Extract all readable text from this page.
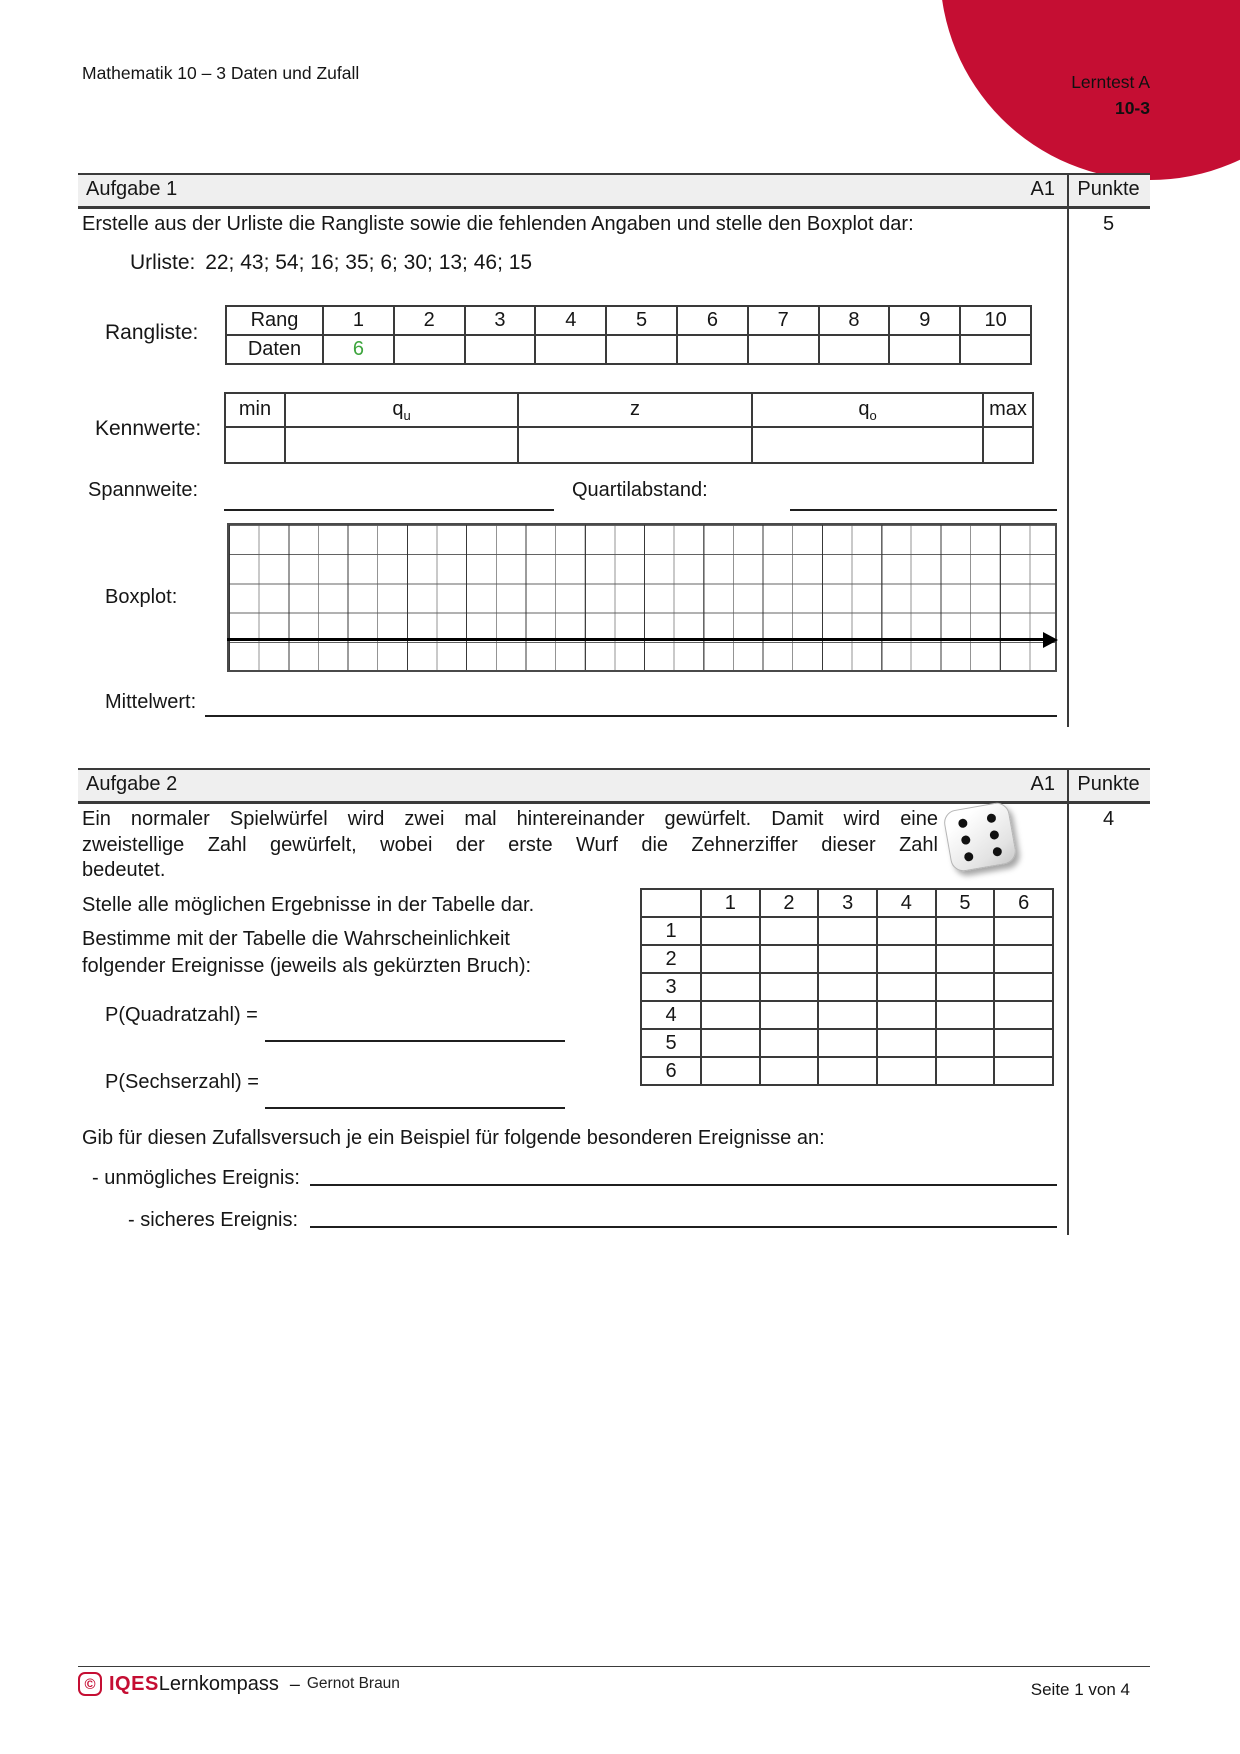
Lerntest A
10-3
Mathematik 10 – 3 Daten und Zufall
Aufgabe 1	A1	Punkte
5
Erstelle aus der Urliste die Rangliste sowie die fehlenden Angaben und stelle den Boxplot dar:
Urliste: 22; 43; 54; 16; 35; 6; 30; 13; 46; 15
Rangliste:
Rang	1	2	3	4	5	6	7	8	9	10
Daten	6									
Kennwerte:
min	$q_u$	z	$q_o$	max

Spannweite:	Quartilabstand:
Boxplot:
Mittelwert:
Aufgabe 2	A1	Punkte
4
Ein normaler Spielwürfel wird zwei mal hintereinander gewürfelt. Damit wird eine
zweistellige Zahl gewürfelt, wobei der erste Wurf die Zehnerziffer dieser Zahl
bedeutet.
Stelle alle möglichen Ergebnisse in der Tabelle dar.
Bestimme mit der Tabelle die Wahrscheinlichkeit
folgender Ereignisse (jeweils als gekürzten Bruch):
	1	2	3	4	5	6
1						
2						
3						
4						
5						
6						
P(Quadratzahl) =
P(Sechserzahl) =
Gib für diesen Zufallsversuch je ein Beispiel für folgende besonderen Ereignisse an:
- unmögliches Ereignis:
- sicheres Ereignis:
© IQESLernkompass – Gernot Braun	Seite 1 von 4
